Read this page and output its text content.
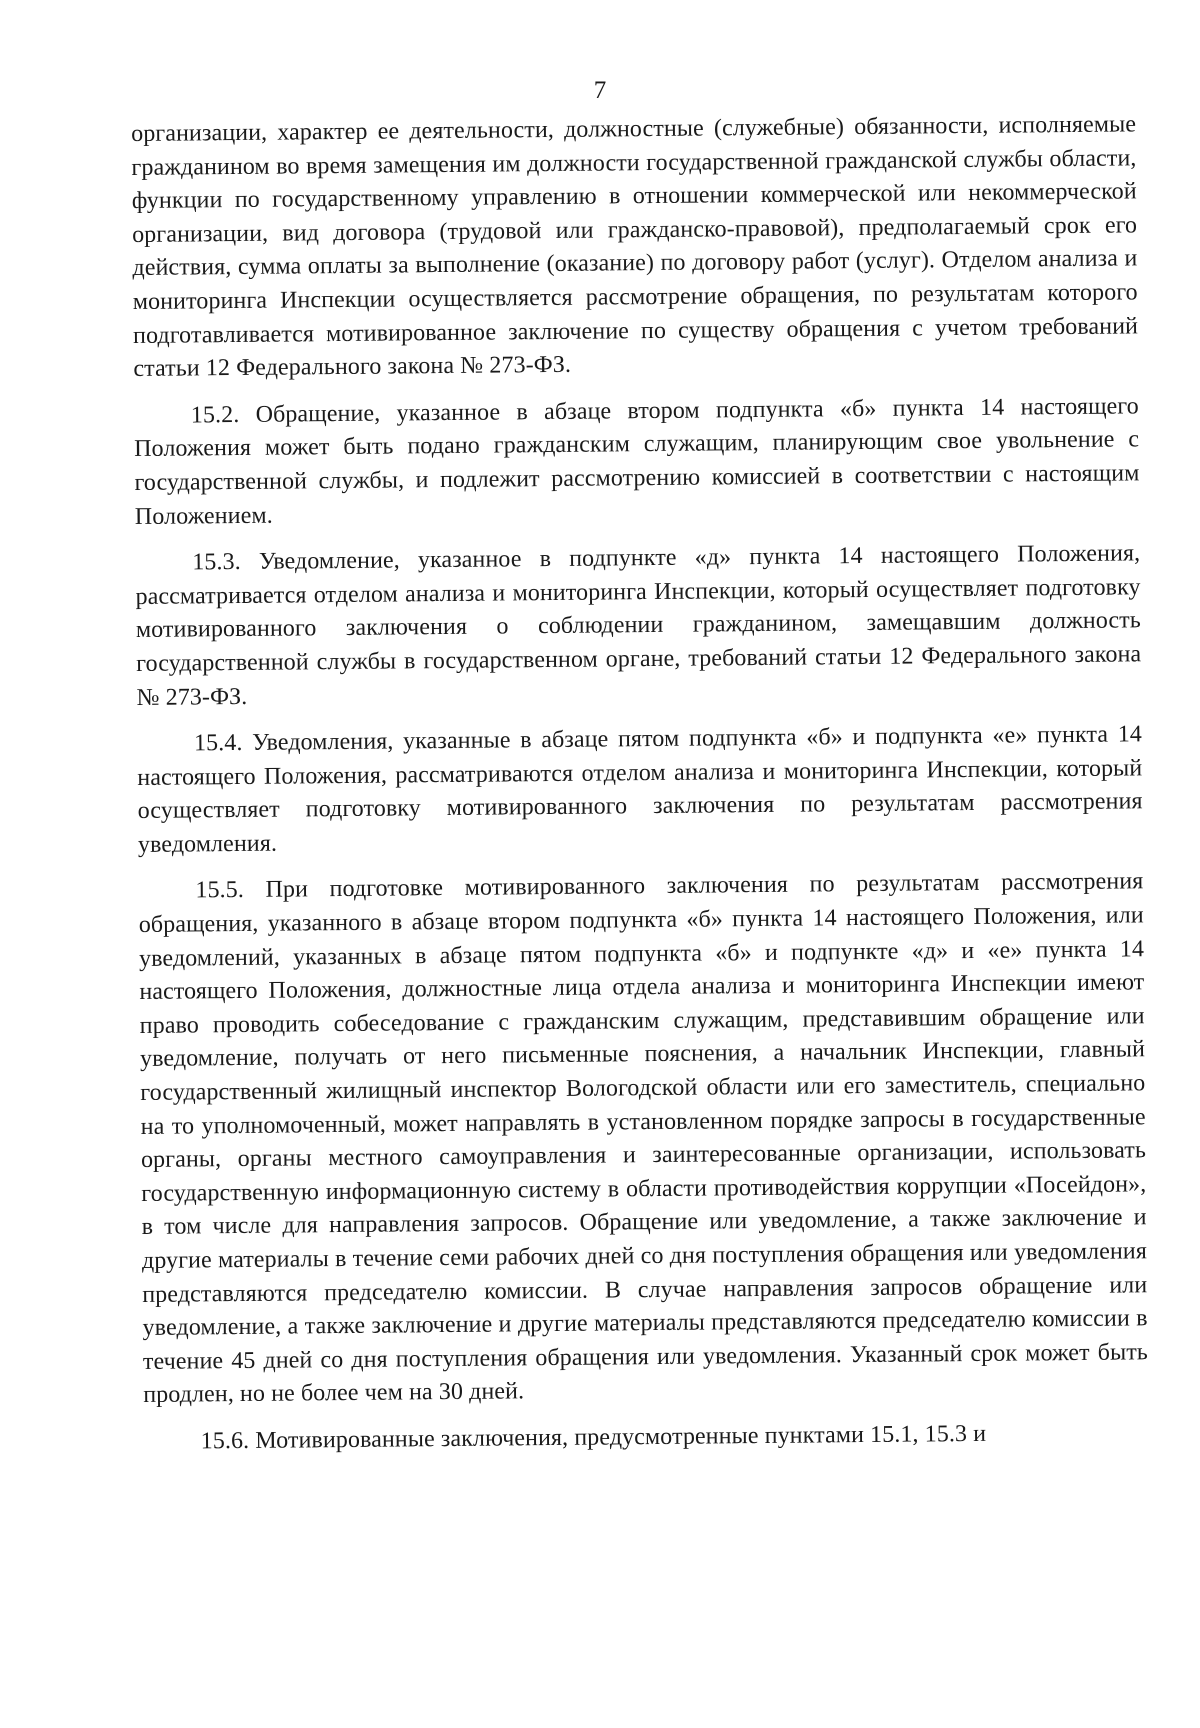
7

организации, характер ее деятельности, должностные (служебные) обязанности, исполняемые гражданином во время замещения им должности государственной гражданской службы области, функции по государственному управлению в отношении коммерческой или некоммерческой организации, вид договора (трудовой или гражданско-правовой), предполагаемый срок его действия, сумма оплаты за выполнение (оказание) по договору работ (услуг). Отделом анализа и мониторинга Инспекции осуществляется рассмотрение обращения, по результатам которого подготавливается мотивированное заключение по существу обращения с учетом требований статьи 12 Федерального закона № 273-ФЗ.

15.2. Обращение, указанное в абзаце втором подпункта «б» пункта 14 настоящего Положения может быть подано гражданским служащим, планирующим свое увольнение с государственной службы, и подлежит рассмотрению комиссией в соответствии с настоящим Положением.

15.3. Уведомление, указанное в подпункте «д» пункта 14 настоящего Положения, рассматривается отделом анализа и мониторинга Инспекции, который осуществляет подготовку мотивированного заключения о соблюдении гражданином, замещавшим должность государственной службы в государственном органе, требований статьи 12 Федерального закона № 273-ФЗ.

15.4. Уведомления, указанные в абзаце пятом подпункта «б» и подпункта «е» пункта 14 настоящего Положения, рассматриваются отделом анализа и мониторинга Инспекции, который осуществляет подготовку мотивированного заключения по результатам рассмотрения уведомления.

15.5. При подготовке мотивированного заключения по результатам рассмотрения обращения, указанного в абзаце втором подпункта «б» пункта 14 настоящего Положения, или уведомлений, указанных в абзаце пятом подпункта «б» и подпункте «д» и «е» пункта 14 настоящего Положения, должностные лица отдела анализа и мониторинга Инспекции имеют право проводить собеседование с гражданским служащим, представившим обращение или уведомление, получать от него письменные пояснения, а начальник Инспекции, главный государственный жилищный инспектор Вологодской области или его заместитель, специально на то уполномоченный, может направлять в установленном порядке запросы в государственные органы, органы местного самоуправления и заинтересованные организации, использовать государственную информационную систему в области противодействия коррупции «Посейдон», в том числе для направления запросов. Обращение или уведомление, а также заключение и другие материалы в течение семи рабочих дней со дня поступления обращения или уведомления представляются председателю комиссии. В случае направления запросов обращение или уведомление, а также заключение и другие материалы представляются председателю комиссии в течение 45 дней со дня поступления обращения или уведомления. Указанный срок может быть продлен, но не более чем на 30 дней.

15.6. Мотивированные заключения, предусмотренные пунктами 15.1, 15.3 и
